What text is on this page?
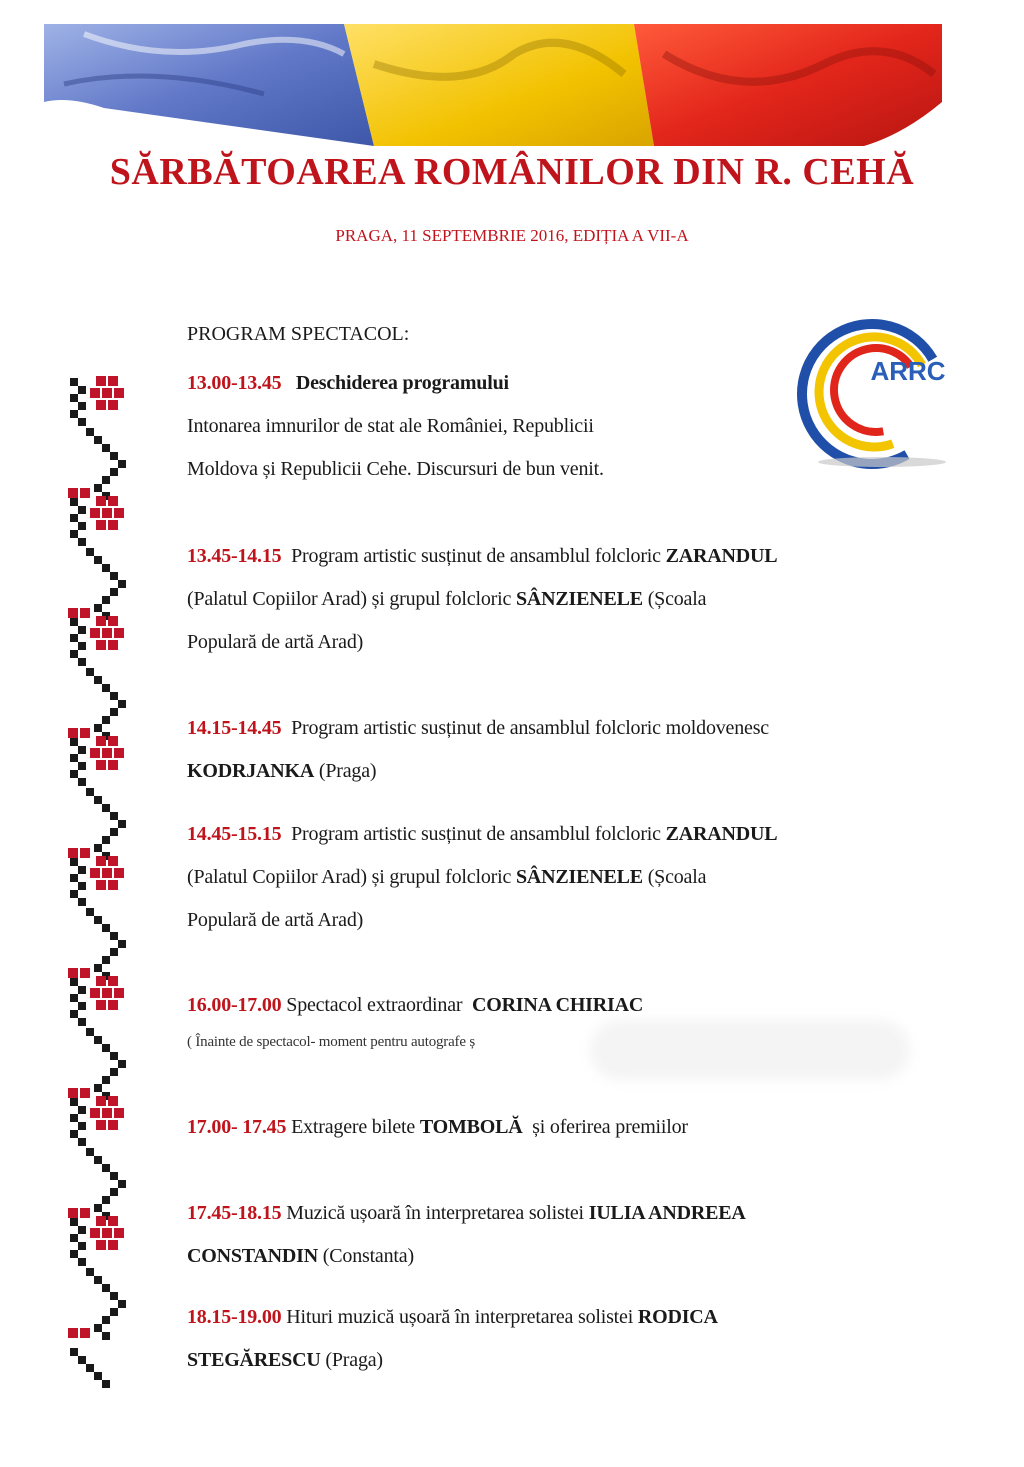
SĂRBĂTOAREA ROMÂNILOR DIN R. CEHĂ
PRAGA, 11 SEPTEMBRIE 2016, EDIȚIA A VII-A
ARRC
PROGRAM SPECTACOL:
13.00-13.45 Deschiderea programului
Intonarea imnurilor de stat ale României, Republicii
Moldova și Republicii Cehe. Discursuri de bun venit.
13.45-14.15 Program artistic susținut de ansamblul folcloric ZARANDUL
(Palatul Copiilor Arad) și grupul folcloric SÂNZIENELE (Școala
Populară de artă Arad)
14.15-14.45 Program artistic susținut de ansamblul folcloric moldovenesc
KODRJANKA (Praga)
14.45-15.15 Program artistic susținut de ansamblul folcloric ZARANDUL
(Palatul Copiilor Arad) și grupul folcloric SÂNZIENELE (Școala
Populară de artă Arad)
16.00-17.00 Spectacol extraordinar CORINA CHIRIAC
( Înainte de spectacol- moment pentru autografe ș
17.00- 17.45 Extragere bilete TOMBOLĂ și oferirea premiilor
17.45-18.15 Muzică ușoară în interpretarea solistei IULIA ANDREEA
CONSTANDIN (Constanta)
18.15-19.00 Hituri muzică ușoară în interpretarea solistei RODICA
STEGĂRESCU (Praga)
